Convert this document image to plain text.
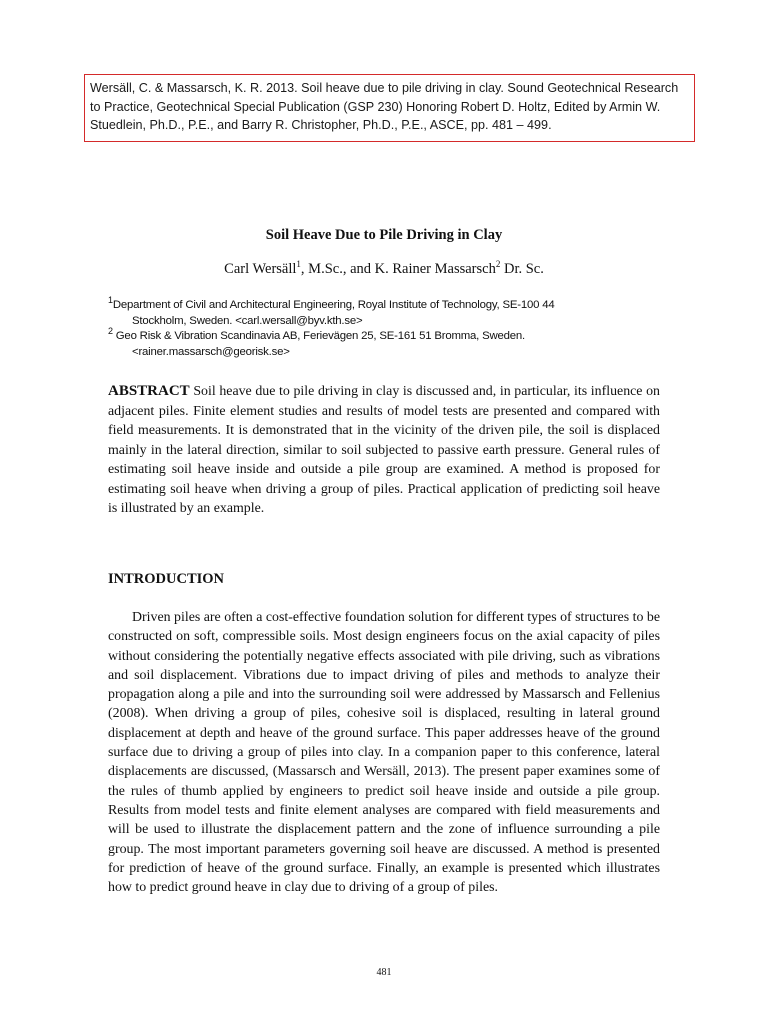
Wersäll, C. & Massarsch, K. R. 2013. Soil heave due to pile driving in clay. Sound Geotechnical Research to Practice, Geotechnical Special Publication (GSP 230) Honoring Robert D. Holtz, Edited by Armin W. Stuedlein, Ph.D., P.E., and Barry R. Christopher, Ph.D., P.E., ASCE, pp. 481 – 499.
Soil Heave Due to Pile Driving in Clay
Carl Wersäll$^1$, M.Sc., and K. Rainer Massarsch$^2$ Dr. Sc.
$^1$Department of Civil and Architectural Engineering, Royal Institute of Technology, SE-100 44
Stockholm, Sweden. <carl.wersall@byv.kth.se>
$^2$ Geo Risk & Vibration Scandinavia AB, Ferievägen 25, SE-161 51 Bromma, Sweden.
<rainer.massarsch@georisk.se>

ABSTRACT Soil heave due to pile driving in clay is discussed and, in particular, its influence on adjacent piles. Finite element studies and results of model tests are presented and compared with field measurements. It is demonstrated that in the vicinity of the driven pile, the soil is displaced mainly in the lateral direction, similar to soil subjected to passive earth pressure. General rules of estimating soil heave inside and outside a pile group are examined. A method is proposed for estimating soil heave when driving a group of piles. Practical application of predicting soil heave is illustrated by an example.

INTRODUCTION

Driven piles are often a cost-effective foundation solution for different types of structures to be constructed on soft, compressible soils. Most design engineers focus on the axial capacity of piles without considering the potentially negative effects associated with pile driving, such as vibrations and soil displacement. Vibrations due to impact driving of piles and methods to analyze their propagation along a pile and into the surrounding soil were addressed by Massarsch and Fellenius (2008). When driving a group of piles, cohesive soil is displaced, resulting in lateral ground displacement at depth and heave of the ground surface. This paper addresses heave of the ground surface due to driving a group of piles into clay. In a companion paper to this conference, lateral displacements are discussed, (Massarsch and Wersäll, 2013). The present paper examines some of the rules of thumb applied by engineers to predict soil heave inside and outside a pile group. Results from model tests and finite element analyses are compared with field measurements and will be used to illustrate the displacement pattern and the zone of influence surrounding a pile group. The most important parameters governing soil heave are discussed. A method is presented for prediction of heave of the ground surface. Finally, an example is presented which illustrates how to predict ground heave in clay due to driving of a group of piles.

481
